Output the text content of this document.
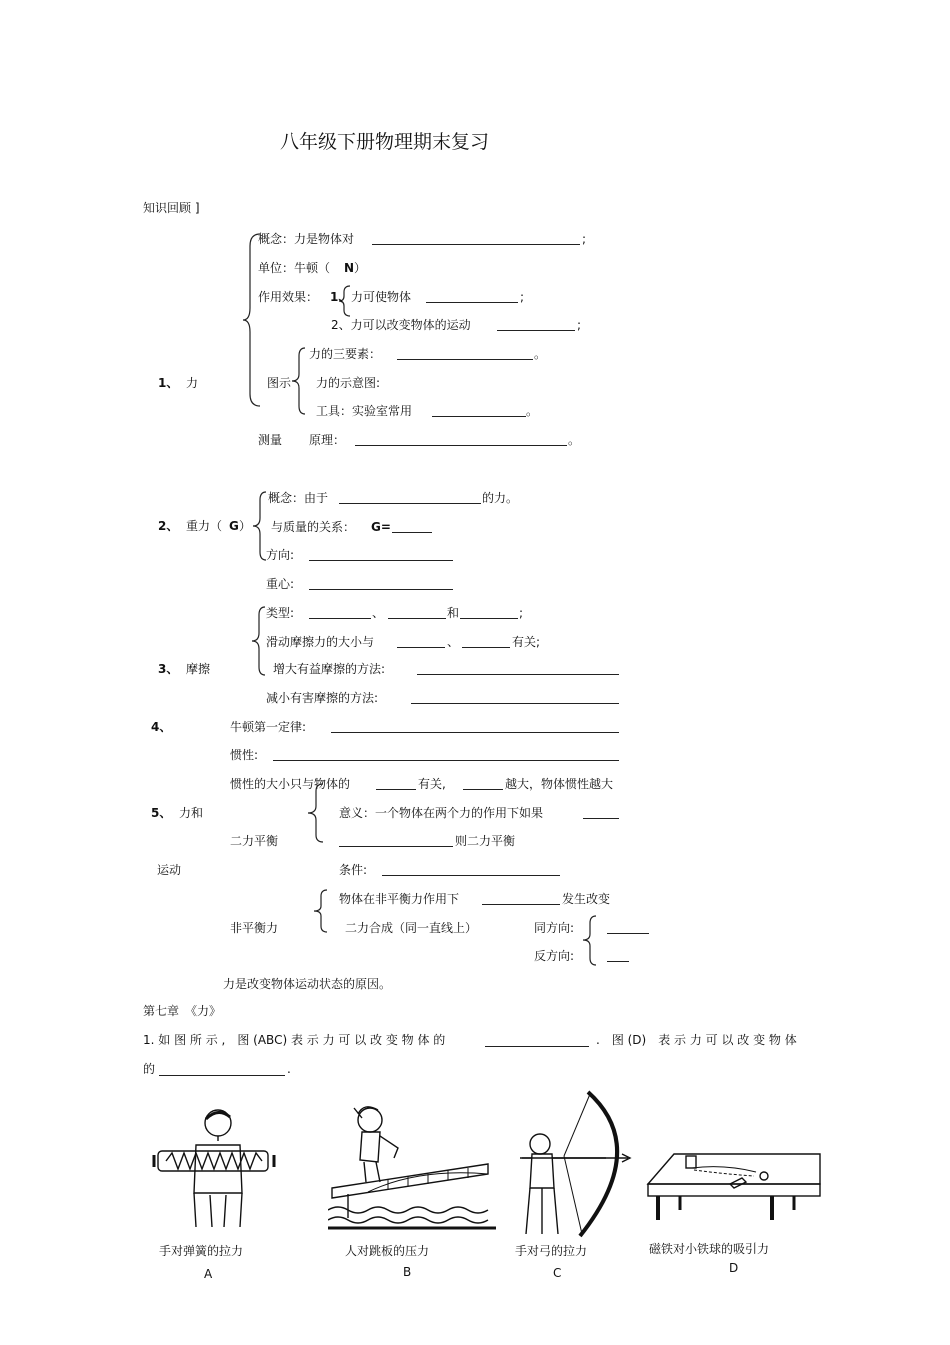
八年级下册物理期末复习
知识回顾 ]
1、 力
概念：力是物体对	;
单位：牛顿（ N ）
作用效果： 1、 力可使物体	;
2、力可以改变物体的运动	;
力的三要素：	。
图示 力的示意图:
工具：实验室常用	。
测量 原理：	。
2、 重力（ G ）
概念：由于	的力。
与质量的关系： G=
方向:
重心:
3、 摩擦
类型:	、	和	;
滑动摩擦力的大小与	、	有关;
增大有益摩擦的方法:
减小有害摩擦的方法:
4、	牛顿第一定律:
惯性:
惯性的大小只与物体的	有关,	越大，物体惯性越大
5、 力和
运动
二力平衡
意义：一个物体在两个力的作用下如果
则二力平衡
条件:
物体在非平衡力作用下	发生改变
非平衡力	二力合成（同一直线上）	同方向:
反方向:
力是改变物体运动状态的原因。
第七章　《力》
1. 如 图 所 示 ,　图 (ABC) 表 示 力 可 以 改 变 物 体 的	.　图 (D)　表 示 力 可 以 改 变 物 体
的	.
手对弹簧的拉力
A
人对跳板的压力
B
手对弓的拉力
C
磁铁对小铁球的吸引力
D
